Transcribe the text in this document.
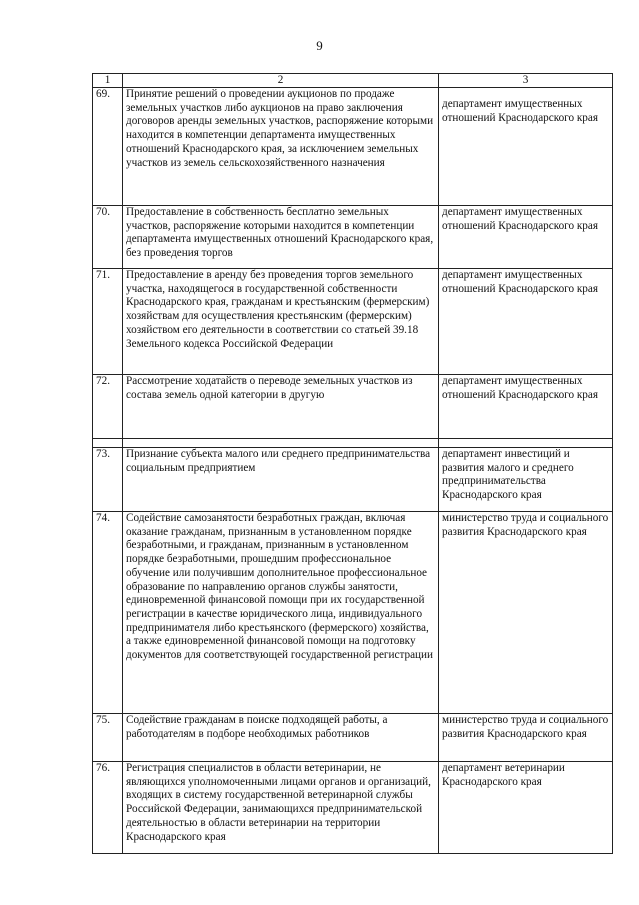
9
1	2	3
69.	Принятие решений о проведении аукционов по продаже земельных участков либо аукционов на право заключения договоров аренды земельных участков, распоряжение которыми находится в компетенции департамента имущественных отношений Краснодарского края, за исключением земельных участков из земель сельскохозяйственного назначения	департамент имущественных отношений Краснодарского края
70.	Предоставление в собственность бесплатно земельных участков, распоряжение которыми находится в компетенции департамента имущественных отношений Краснодарского края, без проведения торгов	департамент имущественных отношений Краснодарского края
71.	Предоставление в аренду без проведения торгов земельного участка, находящегося в государственной собственности Краснодарского края, гражданам и крестьянским (фермерским) хозяйствам для осуществления крестьянским (фермерским) хозяйством его деятельности в соответствии со статьей 39.18 Земельного кодекса Российской Федерации	департамент имущественных отношений Краснодарского края
72.	Рассмотрение ходатайств о переводе земельных участков из состава земель одной категории в другую	департамент имущественных отношений Краснодарского края

73.	Признание субъекта малого или среднего предпринимательства социальным предприятием	департамент инвестиций и развития малого и среднего предпринимательства Краснодарского края
74.	Содействие самозанятости безработных граждан, включая оказание гражданам, признанным в установленном порядке безработными, и гражданам, признанным в установленном порядке безработными, прошедшим профессиональное обучение или получившим дополнительное профессиональное образование по направлению органов службы занятости, единовременной финансовой помощи при их государственной регистрации в качестве юридического лица, индивидуального предпринимателя либо крестьянского (фермерского) хозяйства, а также единовременной финансовой помощи на подготовку документов для соответствующей государственной регистрации	министерство труда и социального развития Краснодарского края
75.	Содействие гражданам в поиске подходящей работы, а работодателям в подборе необходимых работников	министерство труда и социального развития Краснодарского края
76.	Регистрация специалистов в области ветеринарии, не являющихся уполномоченными лицами органов и организаций, входящих в систему государственной ветеринарной службы Российской Федерации, занимающихся предпринимательской деятельностью в области ветеринарии на территории Краснодарского края	департамент ветеринарии Краснодарского края
